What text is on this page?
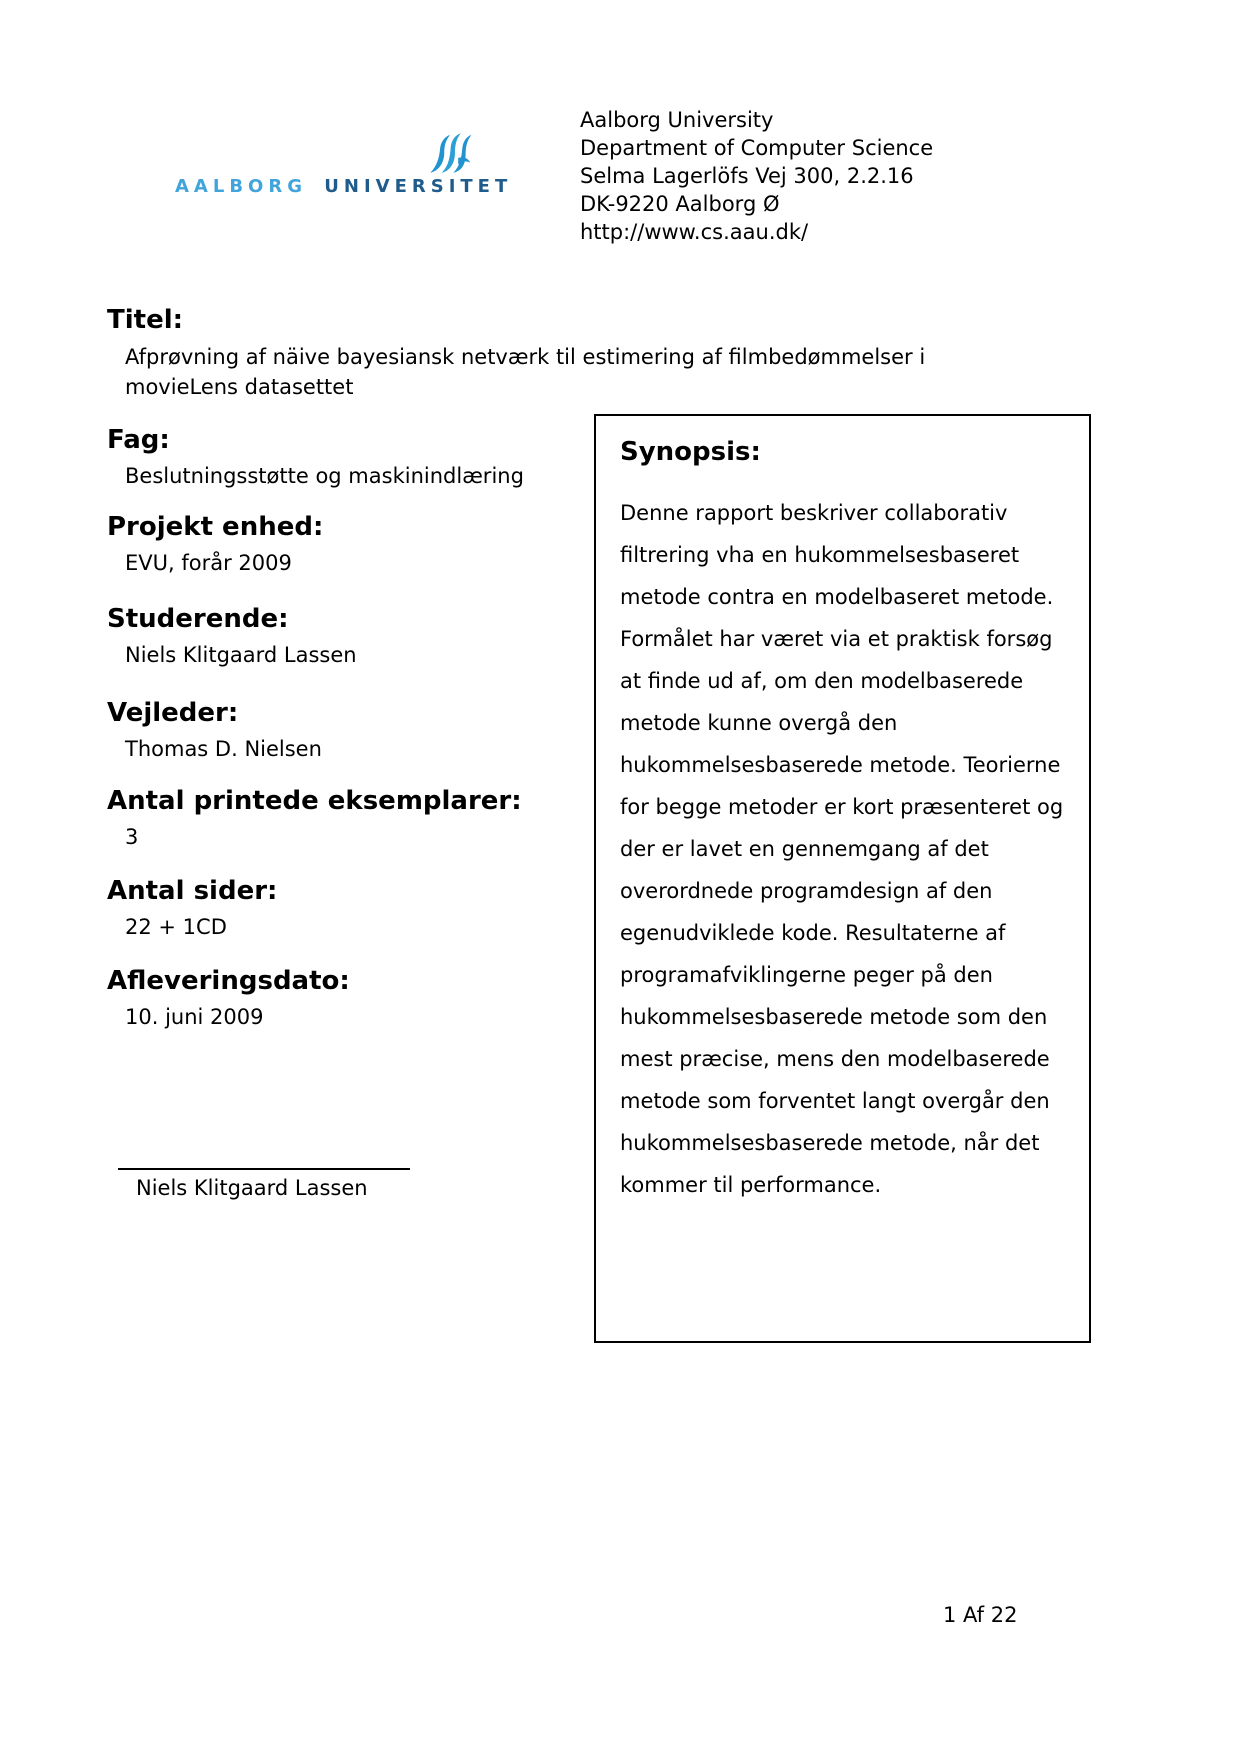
AALBORG UNIVERSITET
Aalborg University
Department of Computer Science
Selma Lagerlöfs Vej 300, 2.2.16
DK-9220 Aalborg Ø
http://www.cs.aau.dk/
Titel:

Afprøvning af näive bayesiansk netværk til estimering af filmbedømmelser i movieLens datasettet

Fag:

Beslutningsstøtte og maskinindlæring

Projekt enhed:

EVU, forår 2009

Studerende:

Niels Klitgaard Lassen

Vejleder:

Thomas D. Nielsen

Antal printede eksemplarer:

3

Antal sider:

22 + 1CD

Afleveringsdato:

10. juni 2009

Niels Klitgaard Lassen
Synopsis:

Denne rapport beskriver collaborativ filtrering vha en hukommelsesbaseret metode contra en modelbaseret metode. Formålet har været via et praktisk forsøg at finde ud af, om den modelbaserede metode kunne overgå den hukommelsesbaserede metode. Teorierne for begge metoder er kort præsenteret og der er lavet en gennemgang af det overordnede programdesign af den egenudviklede kode. Resultaterne af programafviklingerne peger på den hukommelsesbaserede metode som den mest præcise, mens den modelbaserede metode som forventet langt overgår den hukommelsesbaserede metode, når det kommer til performance.

1 Af 22
